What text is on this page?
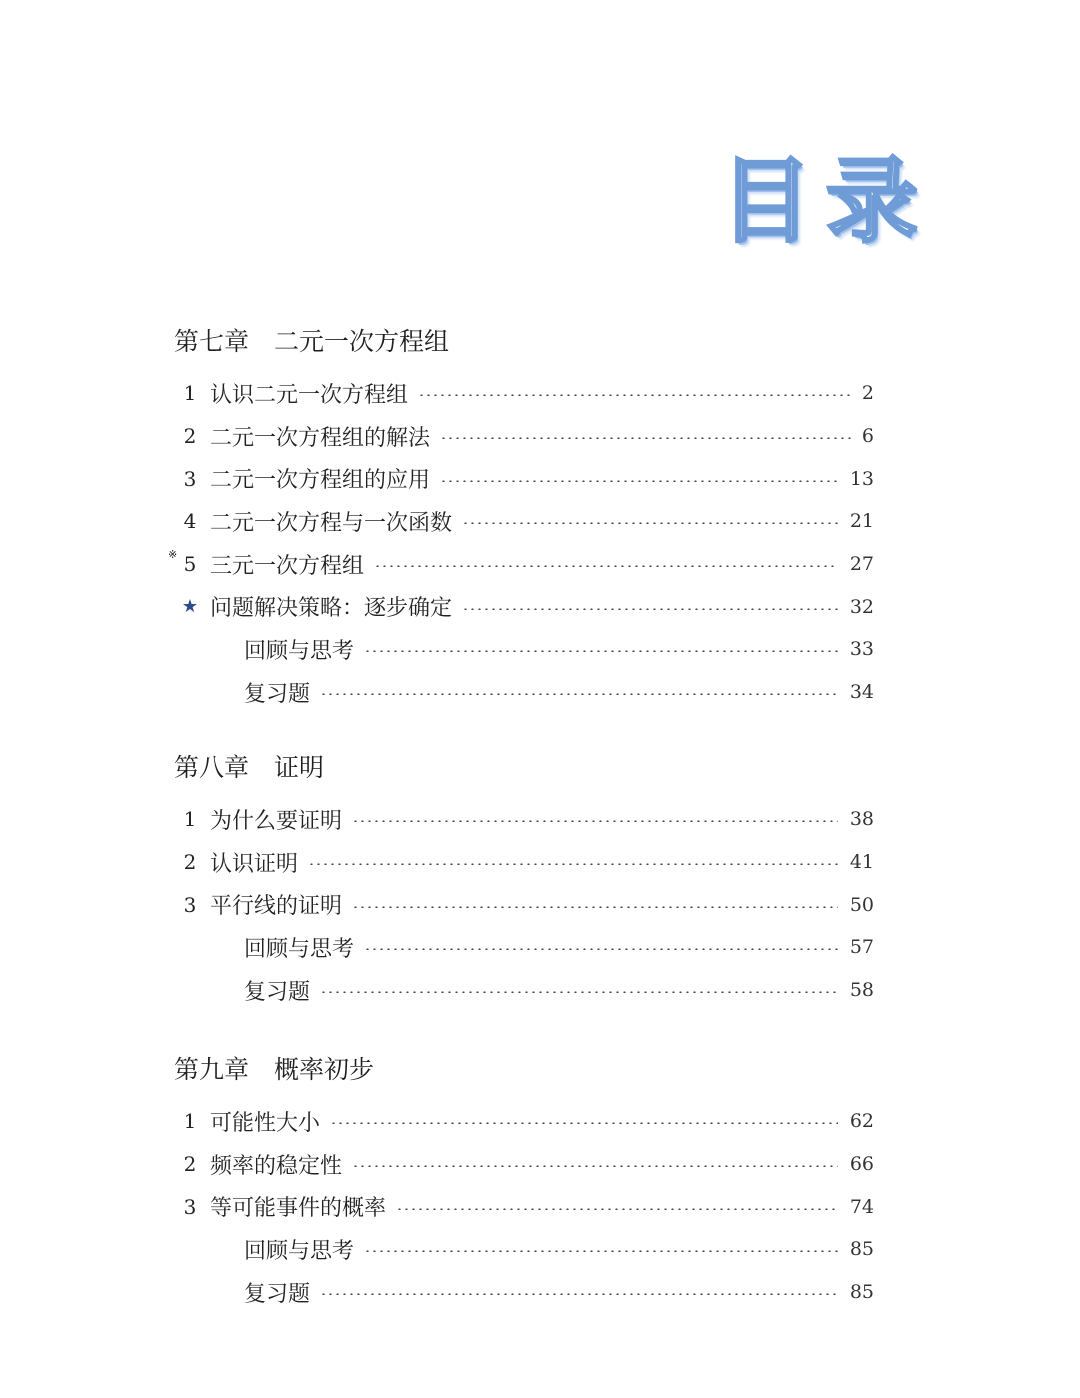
目录
第七章 二元一次方程组
1 认识二元一次方程组	2
2 二元一次方程组的解法	6
3 二元一次方程组的应用	13
4 二元一次方程与一次函数	21
※ 5 三元一次方程组	27
★ 问题解决策略：逐步确定	32
回顾与思考	33
复习题	34
第八章 证明
1 为什么要证明	38
2 认识证明	41
3 平行线的证明	50
回顾与思考	57
复习题	58
第九章 概率初步
1 可能性大小	62
2 频率的稳定性	66
3 等可能事件的概率	74
回顾与思考	85
复习题	85
